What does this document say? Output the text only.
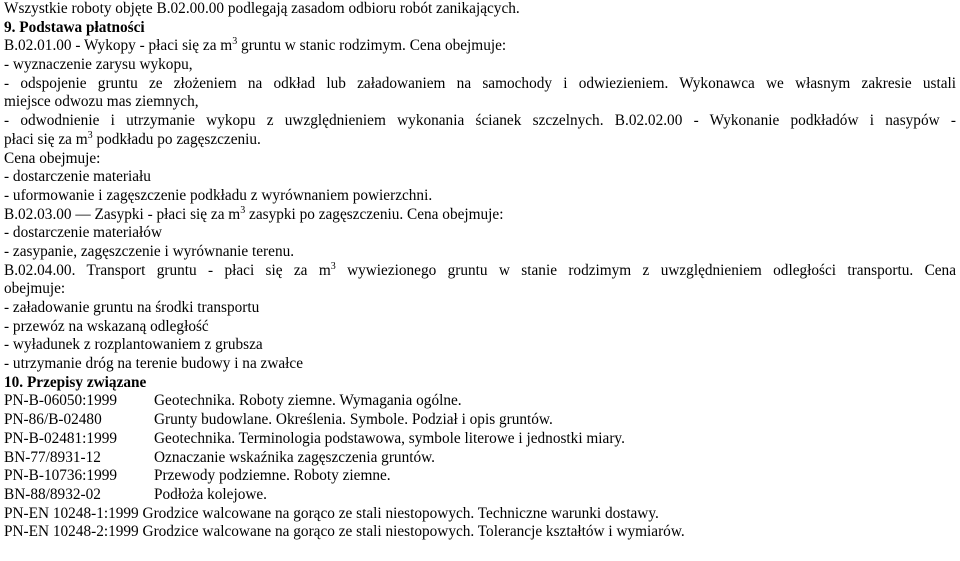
Wszystkie roboty objęte B.02.00.00 podlegają zasadom odbioru robót zanikających.
9. Podstawa płatności
B.02.01.00 - Wykopy - płaci się za $m^3$ gruntu w stanic rodzimym. Cena obejmuje:
- wyznaczenie zarysu wykopu,
- odspojenie gruntu ze złożeniem na odkład lub załadowaniem na samochody i odwiezieniem. Wykonawca we własnym zakresie ustali
miejsce odwozu mas ziemnych,
- odwodnienie i utrzymanie wykopu z uwzględnieniem wykonania ścianek szczelnych. B.02.02.00 - Wykonanie podkładów i nasypów -
płaci się za $m^3$ podkładu po zagęszczeniu.
Cena obejmuje:
- dostarczenie materiału
- uformowanie i zagęszczenie podkładu z wyrównaniem powierzchni.
B.02.03.00 — Zasypki - płaci się za $m^3$ zasypki po zagęszczeniu. Cena obejmuje:
- dostarczenie materiałów
- zasypanie, zagęszczenie i wyrównanie terenu.
B.02.04.00. Transport gruntu - płaci się za $m^3$ wywiezionego gruntu w stanie rodzimym z uwzględnieniem odległości transportu. Cena
obejmuje:
- załadowanie gruntu na środki transportu
- przewóz na wskazaną odległość
- wyładunek z rozplantowaniem z grubsza
- utrzymanie dróg na terenie budowy i na zwałce
10. Przepisy związane
PN-B-06050:1999 Geotechnika. Roboty ziemne. Wymagania ogólne.
PN-86/B-02480	Grunty budowlane. Określenia. Symbole. Podział i opis gruntów.
PN-B-02481:1999 Geotechnika. Terminologia podstawowa, symbole literowe i jednostki miary.
BN-77/8931-12	Oznaczanie wskaźnika zagęszczenia gruntów.
PN-B-10736:1999 Przewody podziemne. Roboty ziemne.
BN-88/8932-02	Podłoża kolejowe.
PN-EN 10248-1:1999 Grodzice walcowane na gorąco ze stali niestopowych. Techniczne warunki dostawy.
PN-EN 10248-2:1999 Grodzice walcowane na gorąco ze stali niestopowych. Tolerancje kształtów i wymiarów.
